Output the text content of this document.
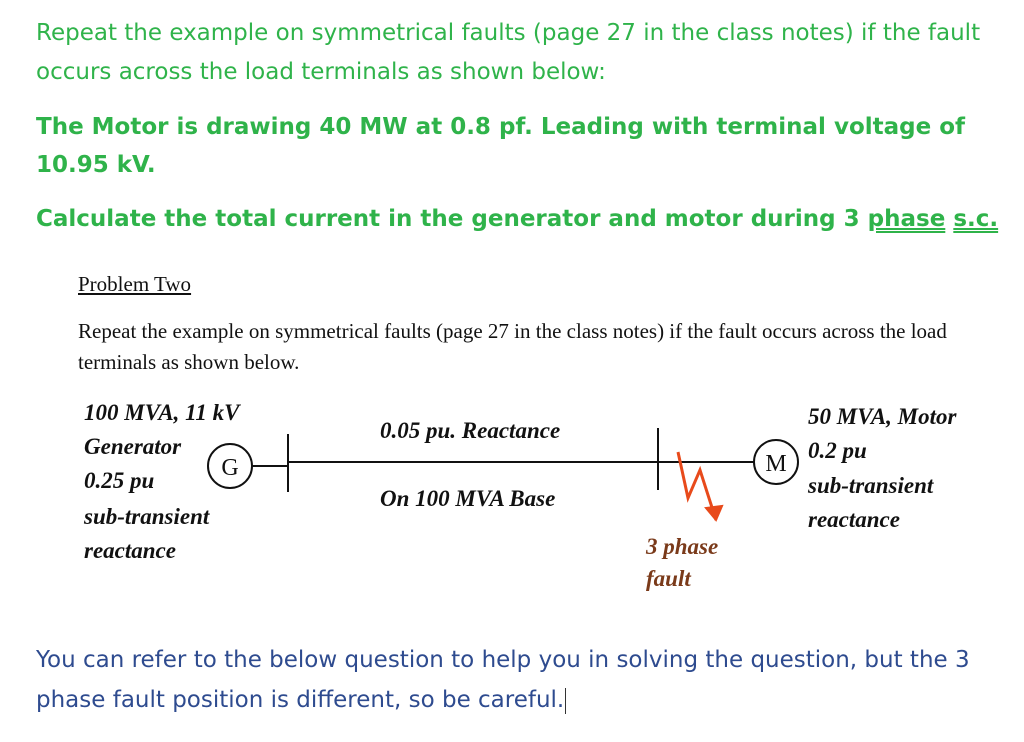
Repeat the example on symmetrical faults (page 27 in the class notes) if the fault occurs across the load terminals as shown below:
The Motor is drawing 40 MW at 0.8 pf. Leading with terminal voltage of 10.95 kV.
Calculate the total current in the generator and motor during 3 phase s.c.
Problem Two
Repeat the example on symmetrical faults (page 27 in the class notes) if the fault occurs across the load terminals as shown below.
G	M
100 MVA, 11 kV
Generator
0.25 pu
sub-transient
reactance
0.05 pu. Reactance
On 100 MVA Base
3 phase
fault
50 MVA, Motor
0.2 pu
sub-transient
reactance
You can refer to the below question to help you in solving the question, but the 3 phase fault position is different, so be careful.
